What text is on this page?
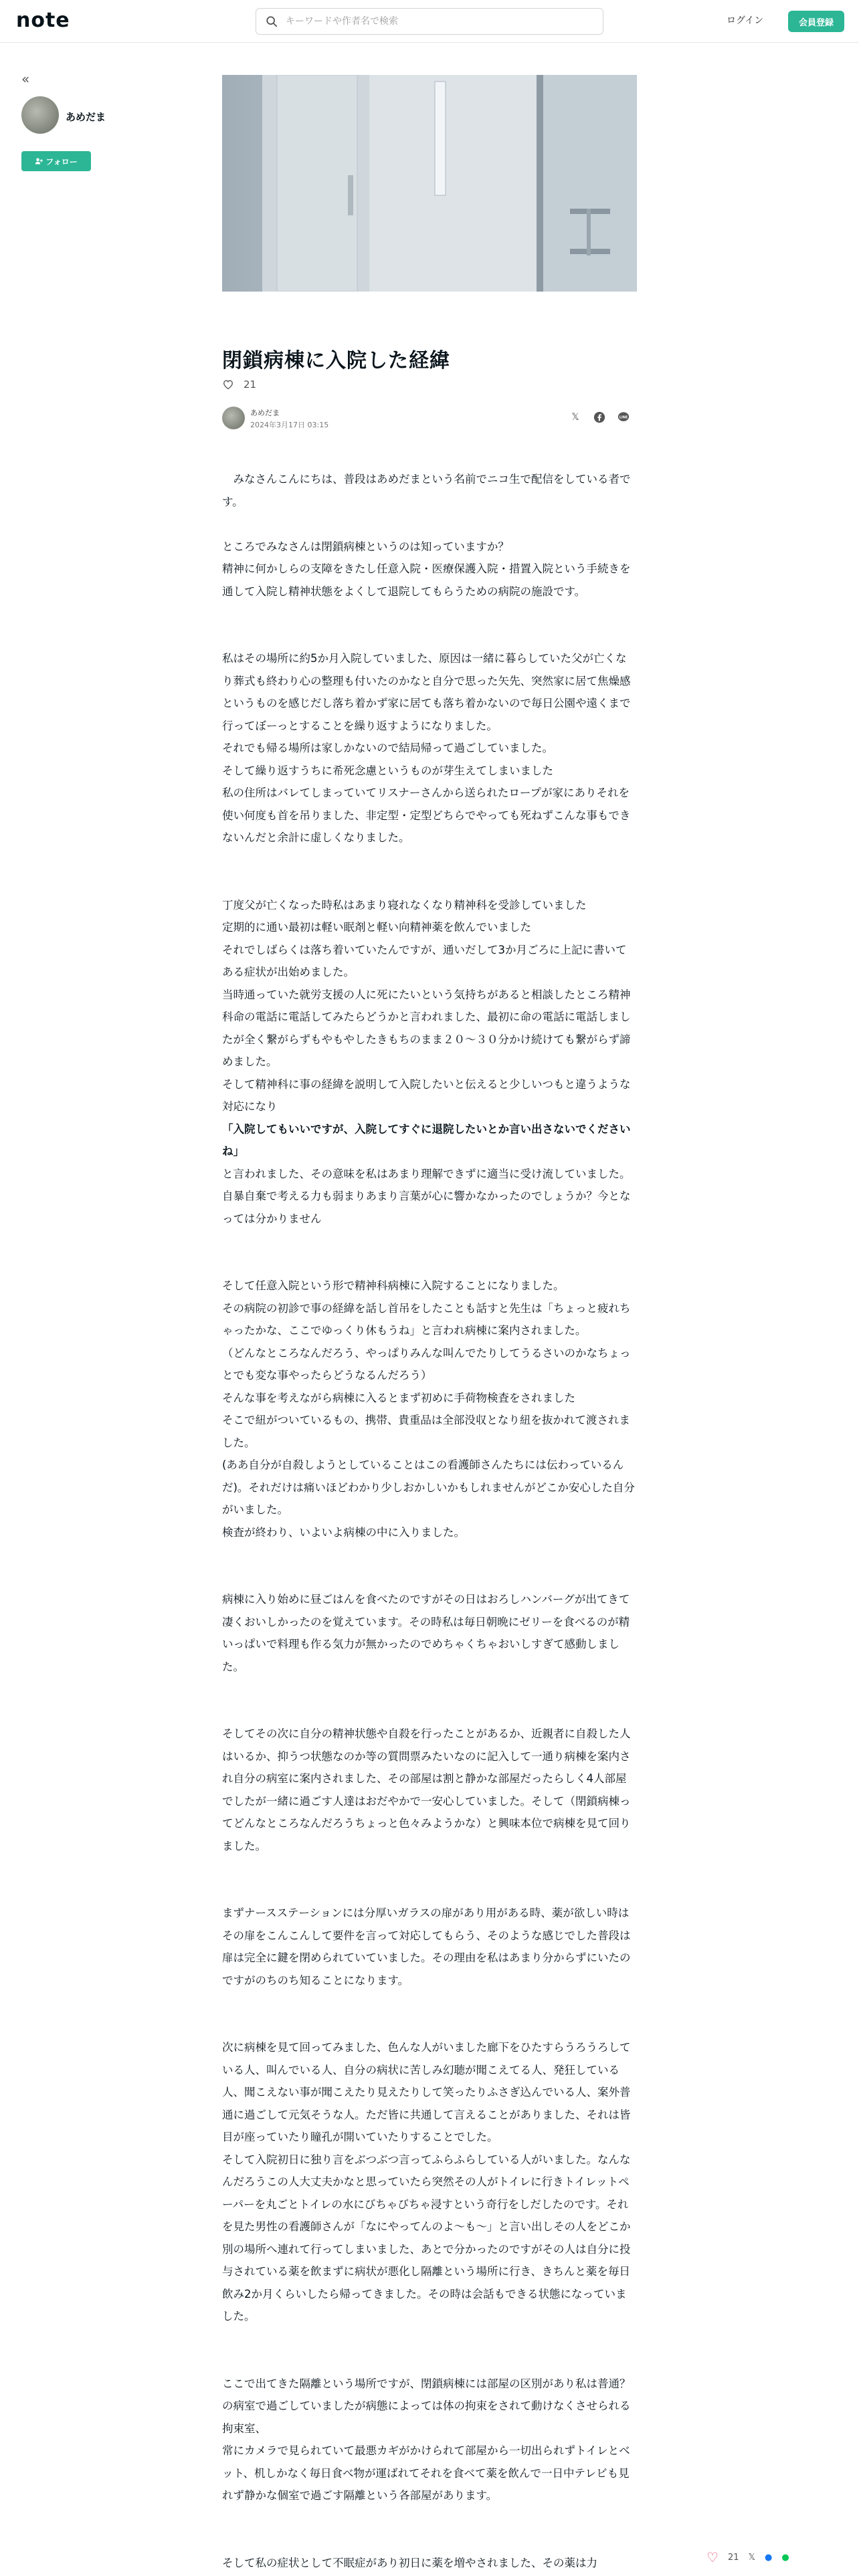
note
キーワードや作者名で検索	ログイン	会員登録
«
あめだま
フォロー
閉鎖病棟に入院した経緯
21
あめだま
2024年3月17日 03:15
𝕏	LINE

　みなさんこんにちは、普段はあめだまという名前でニコ生で配信をしている者です。

ところでみなさんは閉鎖病棟というのは知っていますか？

精神に何かしらの支障をきたし任意入院・医療保護入院・措置入院という手続きを通して入院し精神状態をよくして退院してもらうための病院の施設です。

私はその場所に約5か月入院していました、原因は一緒に暮らしていた父が亡くなり葬式も終わり心の整理も付いたのかなと自分で思った矢先、突然家に居て焦燥感というものを感じだし落ち着かず家に居ても落ち着かないので毎日公園や遠くまで行ってぼーっとすることを繰り返すようになりました。

それでも帰る場所は家しかないので結局帰って過ごしていました。

そして繰り返すうちに希死念慮というものが芽生えてしまいました

私の住所はバレてしまっていてリスナーさんから送られたロープが家にありそれを使い何度も首を吊りました、非定型・定型どちらでやっても死ねずこんな事もできないんだと余計に虚しくなりました。

丁度父が亡くなった時私はあまり寝れなくなり精神科を受診していました

定期的に通い最初は軽い眠剤と軽い向精神薬を飲んでいました

それでしばらくは落ち着いていたんですが、通いだして3か月ごろに上記に書いてある症状が出始めました。

当時通っていた就労支援の人に死にたいという気持ちがあると相談したところ精神科命の電話に電話してみたらどうかと言われました、最初に命の電話に電話しましたが全く繋がらずもやもやしたきもちのまま２０～３０分かけ続けても繋がらず諦めました。

そして精神科に事の経緯を説明して入院したいと伝えると少しいつもと違うような対応になり

「入院してもいいですが、入院してすぐに退院したいとか言い出さないでくださいね」

と言われました、その意味を私はあまり理解できずに適当に受け流していました。自暴自棄で考える力も弱まりあまり言葉が心に響かなかったのでしょうか？今となっては分かりません

そして任意入院という形で精神科病棟に入院することになりました。

その病院の初診で事の経緯を話し首吊をしたことも話すと先生は「ちょっと疲れちゃったかな、ここでゆっくり休もうね」と言われ病棟に案内されました。

（どんなところなんだろう、やっぱりみんな叫んでたりしてうるさいのかなちょっとでも変な事やったらどうなるんだろう）

そんな事を考えながら病棟に入るとまず初めに手荷物検査をされました

そこで紐がついているもの、携帯、貴重品は全部没収となり紐を抜かれて渡されました。

(ああ自分が自殺しようとしていることはこの看護師さんたちには伝わっているんだ)。それだけは痛いほどわかり少しおかしいかもしれませんがどこか安心した自分がいました。

検査が終わり、いよいよ病棟の中に入りました。

病棟に入り始めに昼ごはんを食べたのですがその日はおろしハンバーグが出てきて凄くおいしかったのを覚えています。その時私は毎日朝晩にゼリーを食べるのが精いっぱいで料理も作る気力が無かったのでめちゃくちゃおいしすぎて感動しました。

そしてその次に自分の精神状態や自殺を行ったことがあるか、近親者に自殺した人はいるか、抑うつ状態なのか等の質問票みたいなのに記入して一通り病棟を案内され自分の病室に案内されました、その部屋は割と静かな部屋だったらしく4人部屋でしたが一緒に過ごす人達はおだやかで一安心していました。そして（閉鎖病棟ってどんなところなんだろうちょっと色々みようかな）と興味本位で病棟を見て回りました。

まずナースステーションには分厚いガラスの扉があり用がある時、薬が欲しい時はその扉をこんこんして要件を言って対応してもらう、そのような感じでした普段は扉は完全に鍵を閉められていていました。その理由を私はあまり分からずにいたのですがのちのち知ることになります。

次に病棟を見て回ってみました、色んな人がいました廊下をひたすらうろうろしている人、叫んでいる人、自分の病状に苦しみ幻聴が聞こえてる人、発狂している人、聞こえない事が聞こえたり見えたりして笑ったりふさぎ込んでいる人、案外普通に過ごして元気そうな人。ただ皆に共通して言えることがありました、それは皆目が座っていたり瞳孔が開いていたりすることでした。

そして入院初日に独り言をぶつぶつ言ってふらふらしている人がいました。なんなんだろうこの人大丈夫かなと思っていたら突然その人がトイレに行きトイレットペーパーを丸ごとトイレの水にびちゃびちゃ浸すという奇行をしだしたのです。それを見た男性の看護師さんが「なにやってんのよ～も～」と言い出しその人をどこか別の場所へ連れて行ってしまいました、あとで分かったのですがその人は自分に投与されている薬を飲まずに病状が悪化し隔離という場所に行き、きちんと薬を毎日飲み2か月くらいしたら帰ってきました。その時は会話もできる状態になっていました。

ここで出てきた隔離という場所ですが、閉鎖病棟には部屋の区別があり私は普通？の病室で過ごしていましたが病態によっては体の拘束をされて動けなくさせられる拘束室、

常にカメラで見られていて最悪カギがかけられて部屋から一切出られずトイレとベット、机しかなく毎日食べ物が運ばれてそれを食べて薬を飲んで一日中テレビも見れず静かな個室で過ごす隔離という各部屋があります。

そして私の症状として不眠症があり初日に薬を増やされました、その薬は力	♡ 21 𝕏 ● ●
